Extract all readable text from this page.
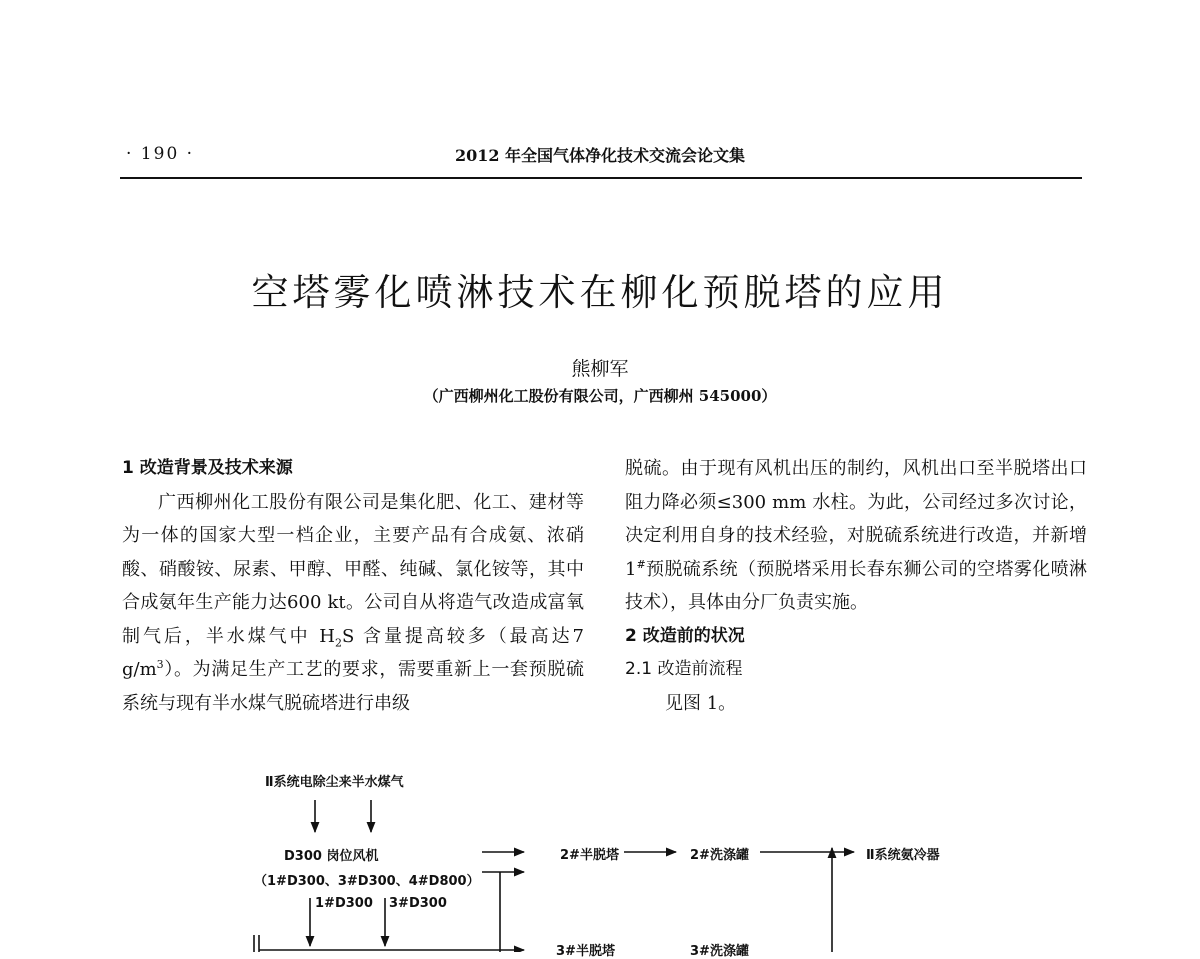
· 190 ·	2012 年全国气体净化技术交流会论文集
空塔雾化喷淋技术在柳化预脱塔的应用
熊柳军
（广西柳州化工股份有限公司，广西柳州 545000）

1 改造背景及技术来源

广西柳州化工股份有限公司是集化肥、化工、建材等为一体的国家大型一档企业，主要产品有合成氨、浓硝酸、硝酸铵、尿素、甲醇、甲醛、纯碱、氯化铵等，其中合成氨年生产能力达600 kt。公司自从将造气改造成富氧制气后，半水煤气中 $H_2S$ 含量提高较多（最高达7 $g/m^3$）。为满足生产工艺的要求，需要重新上一套预脱硫系统与现有半水煤气脱硫塔进行串级

脱硫。由于现有风机出压的制约，风机出口至半脱塔出口阻力降必须≤300 mm 水柱。为此，公司经过多次讨论，决定利用自身的技术经验，对脱硫系统进行改造，并新增1#预脱硫系统（预脱塔采用长春东狮公司的空塔雾化喷淋技术），具体由分厂负责实施。

2 改造前的状况

2.1 改造前流程

见图 1。

Ⅱ系统电除尘来半水煤气
D300 岗位风机
（1#D300、3#D300、4#D800）
1#D300 3#D300
2#半脱塔	2#洗涤罐	Ⅱ系统氨冷器
3#半脱塔	3#洗涤罐
